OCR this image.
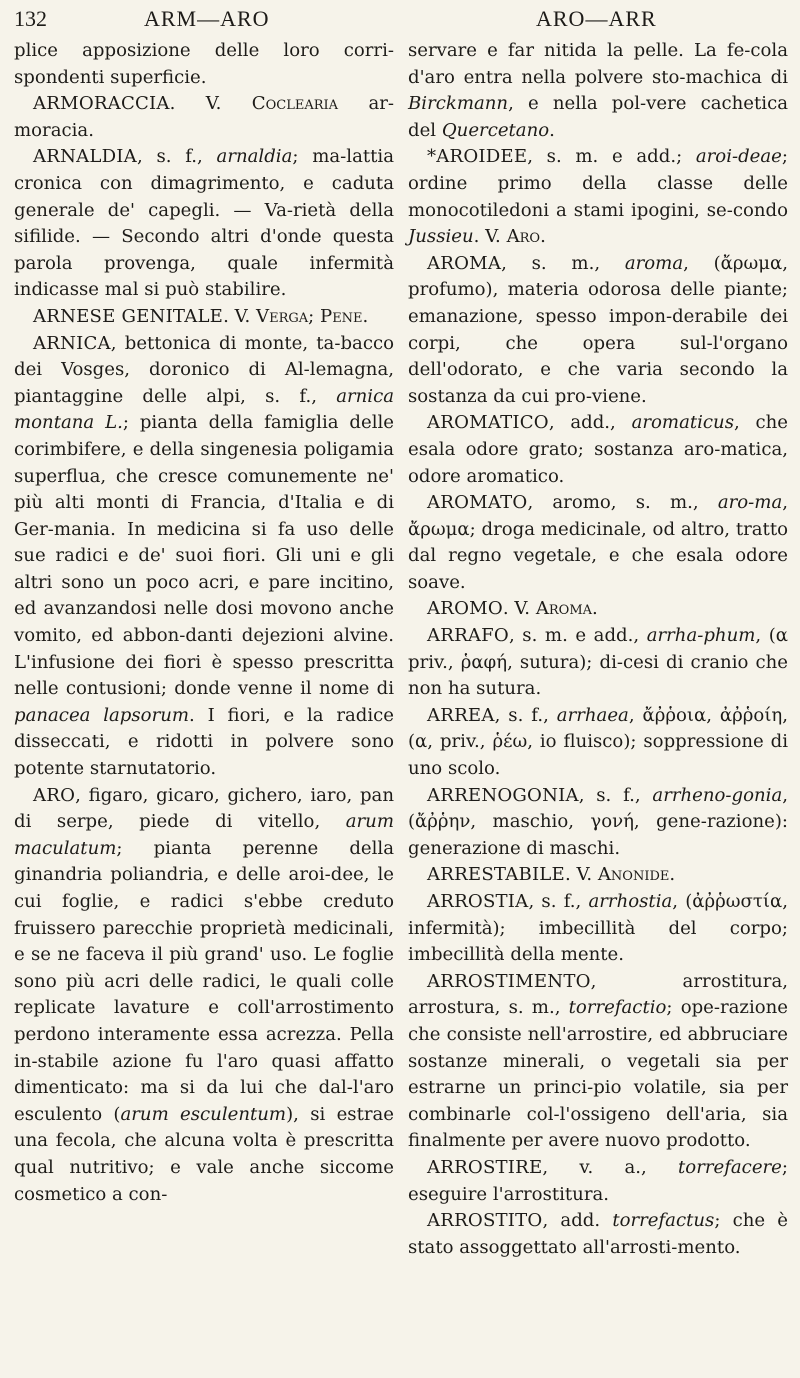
132	ARM—ARO	ARO—ARR

plice apposizione delle loro corri-spondenti superficie.

ARMORACCIA. V. Coclearia ar-moracia.

ARNALDIA, s. f., arnaldia; ma-lattia cronica con dimagrimento, e caduta generale de' capegli. — Va-rietà della sifilide. — Secondo altri d'onde questa parola provenga, quale infermità indicasse mal si può stabilire.

ARNESE GENITALE. V. Verga; Pene.

ARNICA, bettonica di monte, ta-bacco dei Vosges, doronico di Al-lemagna, piantaggine delle alpi, s. f., arnica montana L.; pianta della famiglia delle corimbifere, e della singenesia poligamia superflua, che cresce comunemente ne' più alti monti di Francia, d'Italia e di Ger-mania. In medicina si fa uso delle sue radici e de' suoi fiori. Gli uni e gli altri sono un poco acri, e pare incitino, ed avanzandosi nelle dosi movono anche vomito, ed abbon-danti dejezioni alvine. L'infusione dei fiori è spesso prescritta nelle contusioni; donde venne il nome di panacea lapsorum. I fiori, e la radice disseccati, e ridotti in polvere sono potente starnutatorio.

ARO, figaro, gicaro, gichero, iaro, pan di serpe, piede di vitello, arum maculatum; pianta perenne della ginandria poliandria, e delle aroi-dee, le cui foglie, e radici s'ebbe creduto fruissero parecchie proprietà medicinali, e se ne faceva il più grand' uso. Le foglie sono più acri delle radici, le quali colle replicate lavature e coll'arrostimento perdono interamente essa acrezza. Pella in-stabile azione fu l'aro quasi affatto dimenticato: ma si da lui che dal-l'aro esculento (arum esculentum), si estrae una fecola, che alcuna volta è prescritta qual nutritivo; e vale anche siccome cosmetico a con-

servare e far nitida la pelle. La fe-cola d'aro entra nella polvere sto-machica di Birckmann, e nella pol-vere cachetica del Quercetano.

*AROIDEE, s. m. e add.; aroi-deae; ordine primo della classe delle monocotiledoni a stami ipogini, se-condo Jussieu. V. Aro.

AROMA, s. m., aroma, (ἄρωμα, profumo), materia odorosa delle piante; emanazione, spesso impon-derabile dei corpi, che opera sul-l'organo dell'odorato, e che varia secondo la sostanza da cui pro-viene.

AROMATICO, add., aromaticus, che esala odore grato; sostanza aro-matica, odore aromatico.

AROMATO, aromo, s. m., aro-ma, ἄρωμα; droga medicinale, od altro, tratto dal regno vegetale, e che esala odore soave.

AROMO. V. Aroma.

ARRAFO, s. m. e add., arrha-phum, (α priv., ῥαφή, sutura); di-cesi di cranio che non ha sutura.

ARREA, s. f., arrhaea, ἄῤῥοια, ἀῤῥοίη, (α, priv., ῥέω, io fluisco); soppressione di uno scolo.

ARRENOGONIA, s. f., arrheno-gonia, (ἄῤῥην, maschio, γονή, gene-razione): generazione di maschi.

ARRESTABILE. V. Anonide.

ARROSTIA, s. f., arrhostia, (ἀῤῥωστία, infermità); imbecillità del corpo; imbecillità della mente.

ARROSTIMENTO, arrostitura, arrostura, s. m., torrefactio; ope-razione che consiste nell'arrostire, ed abbruciare sostanze minerali, o vegetali sia per estrarne un princi-pio volatile, sia per combinarle col-l'ossigeno dell'aria, sia finalmente per avere nuovo prodotto.

ARROSTIRE, v. a., torrefacere; eseguire l'arrostitura.

ARROSTITO, add. torrefactus; che è stato assoggettato all'arrosti-mento.
